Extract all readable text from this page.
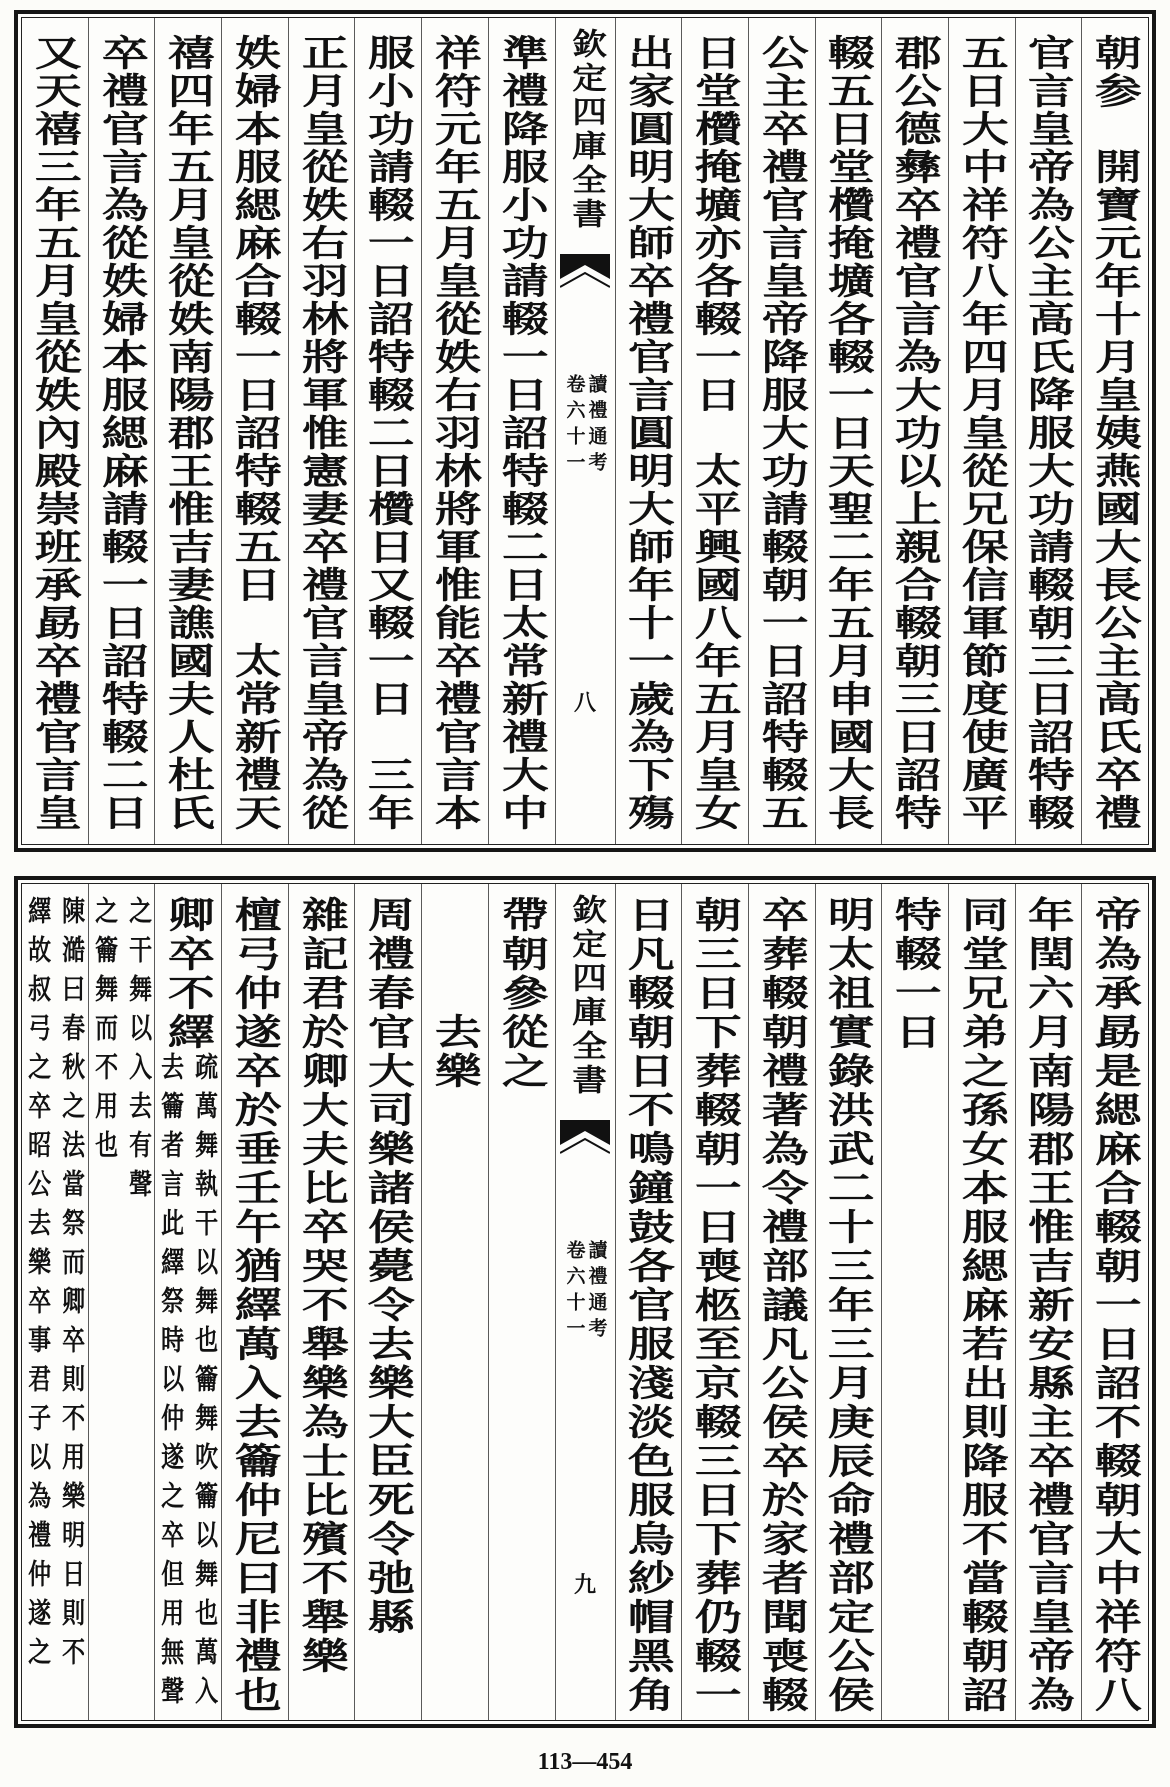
朝参　開寶元年十月皇姨燕國大長公主高氏卒禮
官言皇帝為公主高氏降服大功請輟朝三日詔特輟
五日大中祥符八年四月皇從兄保信軍節度使廣平
郡公德彝卒禮官言為大功以上親合輟朝三日詔特
輟五日堂欑掩壙各輟一日天聖二年五月申國大長
公主卒禮官言皇帝降服大功請輟朝一日詔特輟五
日堂欑掩壙亦各輟一日　太平興國八年五月皇女
出家圓明大師卒禮官言圓明大師年十一歲為下殤
欽定四庫全書
讀禮通考
卷六十一
八
準禮降服小功請輟一日詔特輟二日太常新禮大中
祥符元年五月皇從妷右羽林將軍惟能卒禮官言本
服小功請輟一日詔特輟二日欑日又輟一日　三年
正月皇從妷右羽林將軍惟憲妻卒禮官言皇帝為從
妷婦本服緦麻合輟一日詔特輟五日　太常新禮天
禧四年五月皇從妷南陽郡王惟吉妻譙國夫人杜氏
卒禮官言為從妷婦本服緦麻請輟一日詔特輟二日
又天禧三年五月皇從妷內殿崇班承勗卒禮官言皇
帝為承勗是緦麻合輟朝一日詔不輟朝大中祥符八
年閏六月南陽郡王惟吉新安縣主卒禮官言皇帝為
同堂兄弟之孫女本服緦麻若出則降服不當輟朝詔
特輟一日
明太祖實錄洪武二十三年三月庚辰命禮部定公侯
卒葬輟朝禮著為令禮部議凡公侯卒於家者聞喪輟
朝三日下葬輟朝一日喪柩至京輟三日下葬仍輟一
日凡輟朝日不鳴鐘鼓各官服淺淡色服烏紗帽黑角
欽定四庫全書
讀禮通考
卷六十一
九
帶朝參從之
去樂
周禮春官大司樂諸侯薨令去樂大臣死令弛縣
雜記君於卿大夫比卒哭不舉樂為士比殯不舉樂
檀弓仲遂卒於垂壬午猶繹萬入去籥仲尼曰非禮也
卿卒不繹
疏萬舞執干以舞也籥舞吹籥以舞也萬入
去籥者言此繹祭時以仲遂之卒但用無聲
之干舞以入去有聲
之籥舞而不用也
陳澔曰春秋之法當祭而卿卒則不用樂明日則不
繹故叔弓之卒昭公去樂卒事君子以為禮仲遂之
113—454
